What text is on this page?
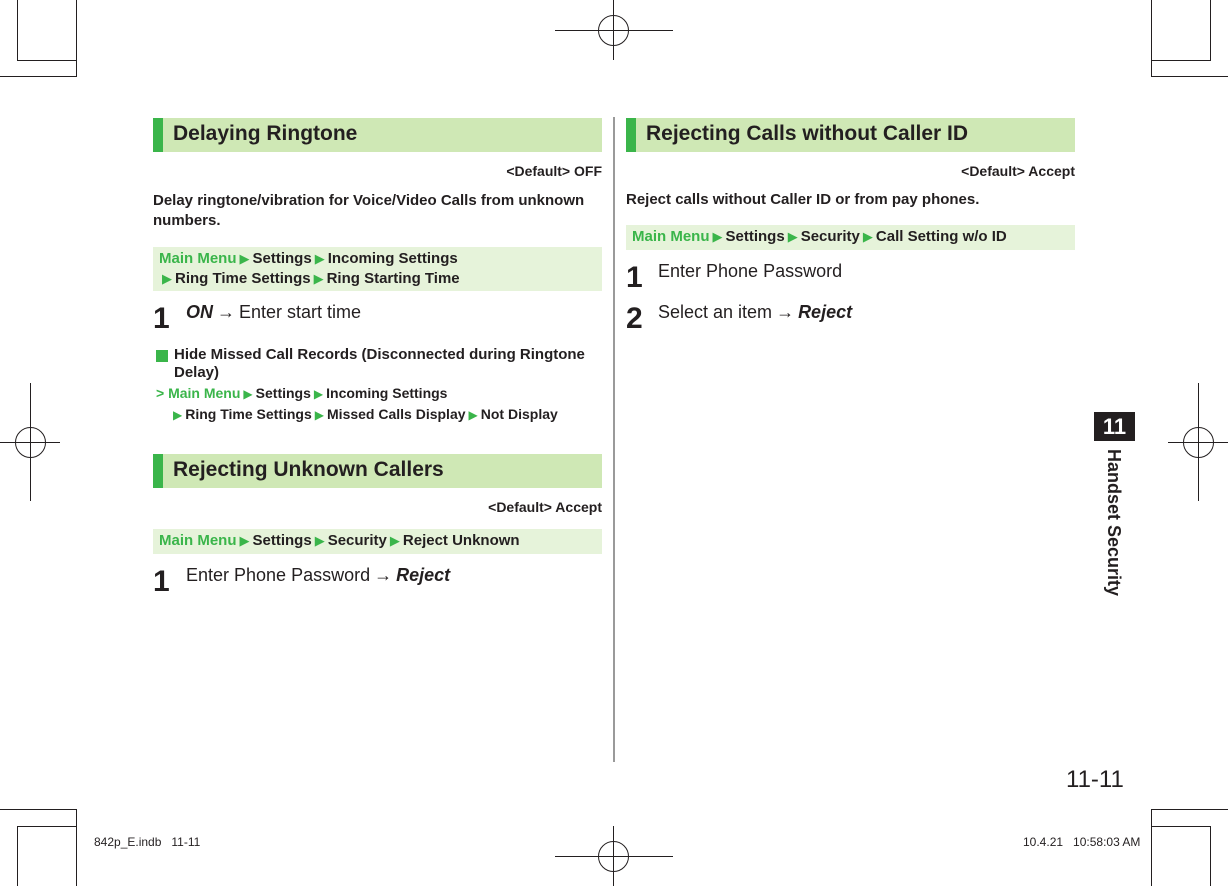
Delaying Ringtone
<Default> OFF
Delay ringtone/vibration for Voice/Video Calls from unknown numbers.
Main Menu ▶ Settings ▶ Incoming Settings
▶ Ring Time Settings ▶ Ring Starting Time
1 ON → Enter start time
Hide Missed Call Records (Disconnected during Ringtone Delay)
> Main Menu ▶ Settings ▶ Incoming Settings
▶ Ring Time Settings ▶ Missed Calls Display ▶ Not Display
Rejecting Unknown Callers
<Default> Accept
Main Menu ▶ Settings ▶ Security ▶ Reject Unknown
1 Enter Phone Password → Reject
Rejecting Calls without Caller ID
<Default> Accept
Reject calls without Caller ID or from pay phones.
Main Menu ▶ Settings ▶ Security ▶ Call Setting w/o ID
1 Enter Phone Password
2 Select an item → Reject
11
Handset Security
11-11
842p_E.indb   11-11	10.4.21   10:58:03 AM
